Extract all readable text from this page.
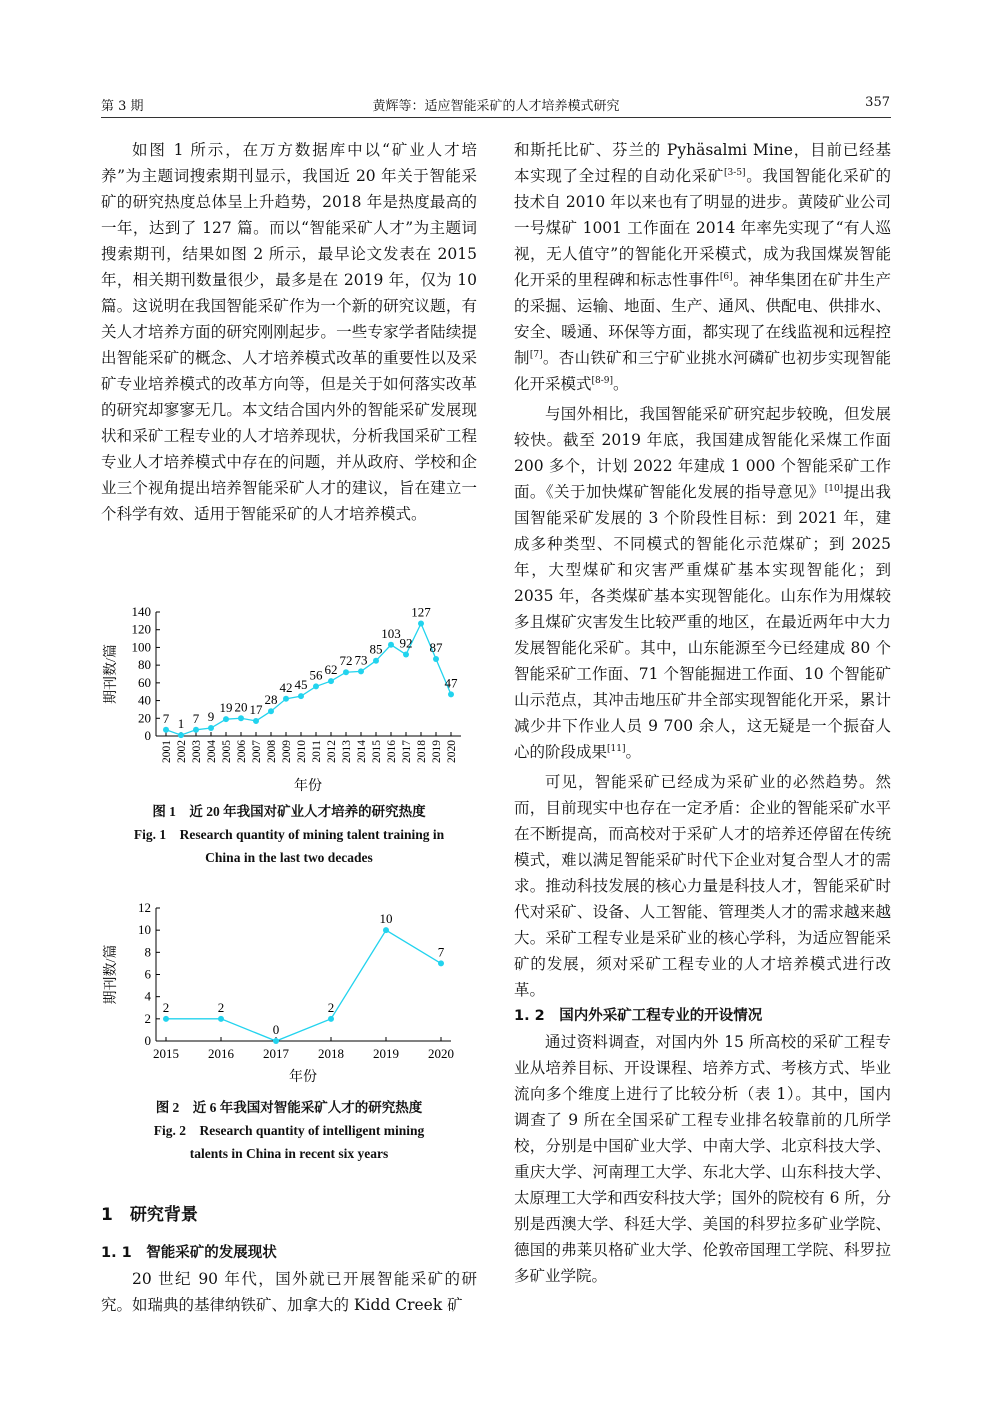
第 3 期	黄辉等：适应智能采矿的人才培养模式研究	357

如图 1 所示，在万方数据库中以“矿业人才培养”为主题词搜索期刊显示，我国近 20 年关于智能采矿的研究热度总体呈上升趋势，2018 年是热度最高的一年，达到了 127 篇。而以“智能采矿人才”为主题词搜索期刊，结果如图 2 所示，最早论文发表在 2015 年，相关期刊数量很少，最多是在 2019 年，仅为 10 篇。这说明在我国智能采矿作为一个新的研究议题，有关人才培养方面的研究刚刚起步。一些专家学者陆续提出智能采矿的概念、人才培养模式改革的重要性以及采矿专业培养模式的改革方向等，但是关于如何落实改革的研究却寥寥无几。本文结合国内外的智能采矿发展现状和采矿工程专业的人才培养现状，分析我国采矿工程专业人才培养模式中存在的问题，并从政府、学校和企业三个视角提出培养智能采矿人才的建议，旨在建立一个科学有效、适用于智能采矿的人才培养模式。

0
20
40
60
80
100
120
140
2001 2002 2003 2004 2005 2006 2007 2008 2009 2010 2011 2012 2013 2014 2015 2016 2017 2018 2019 2020
7 1 7 9
19 20 17
28
42 45
56 62
72 73
85
103
92
127
87
47
期刊数/篇
年份
图 1　近 20 年我国对矿业人才培养的研究热度
Fig. 1　Research quantity of mining talent training in
China in the last two decades
0
2
4
6
8
10
12
2015 2016 2017 2018 2019 2020
2	2
0
2
10
7
期刊数/篇
年份
图 2　近 6 年我国对智能采矿人才的研究热度
Fig. 2　Research quantity of intelligent mining
talents in China in recent six years
1　研究背景
1. 1　智能采矿的发展现状

20 世纪 90 年代，国外就已开展智能采矿的研究。如瑞典的基律纳铁矿、加拿大的 Kidd Creek 矿

和斯托比矿、芬兰的 Pyhäsalmi Mine，目前已经基本实现了全过程的自动化采矿[3-5]。我国智能化采矿的技术自 2010 年以来也有了明显的进步。黄陵矿业公司一号煤矿 1001 工作面在 2014 年率先实现了“有人巡视，无人值守”的智能化开采模式，成为我国煤炭智能化开采的里程碑和标志性事件[6]。神华集团在矿井生产的采掘、运输、地面、生产、通风、供配电、供排水、安全、暖通、环保等方面，都实现了在线监视和远程控制[7]。杏山铁矿和三宁矿业挑水河磷矿也初步实现智能化开采模式[8-9]。

与国外相比，我国智能采矿研究起步较晚，但发展较快。截至 2019 年底，我国建成智能化采煤工作面 200 多个，计划 2022 年建成 1 000 个智能采矿工作面。《关于加快煤矿智能化发展的指导意见》[10]提出我国智能采矿发展的 3 个阶段性目标：到 2021 年，建成多种类型、不同模式的智能化示范煤矿；到 2025 年，大型煤矿和灾害严重煤矿基本实现智能化；到 2035 年，各类煤矿基本实现智能化。山东作为用煤较多且煤矿灾害发生比较严重的地区，在最近两年中大力发展智能化采矿。其中，山东能源至今已经建成 80 个智能采矿工作面、71 个智能掘进工作面、10 个智能矿山示范点，其冲击地压矿井全部实现智能化开采，累计减少井下作业人员 9 700 余人，这无疑是一个振奋人心的阶段成果[11]。

可见，智能采矿已经成为采矿业的必然趋势。然而，目前现实中也存在一定矛盾：企业的智能采矿水平在不断提高，而高校对于采矿人才的培养还停留在传统模式，难以满足智能采矿时代下企业对复合型人才的需求。推动科技发展的核心力量是科技人才，智能采矿时代对采矿、设备、人工智能、管理类人才的需求越来越大。采矿工程专业是采矿业的核心学科，为适应智能采矿的发展，须对采矿工程专业的人才培养模式进行改革。

1. 2　国内外采矿工程专业的开设情况

通过资料调查，对国内外 15 所高校的采矿工程专业从培养目标、开设课程、培养方式、考核方式、毕业流向多个维度上进行了比较分析（表 1）。其中，国内调查了 9 所在全国采矿工程专业排名较靠前的几所学校，分别是中国矿业大学、中南大学、北京科技大学、重庆大学、河南理工大学、东北大学、山东科技大学、太原理工大学和西安科技大学；国外的院校有 6 所，分别是西澳大学、科廷大学、美国的科罗拉多矿业学院、德国的弗莱贝格矿业大学、伦敦帝国理工学院、科罗拉多矿业学院。
